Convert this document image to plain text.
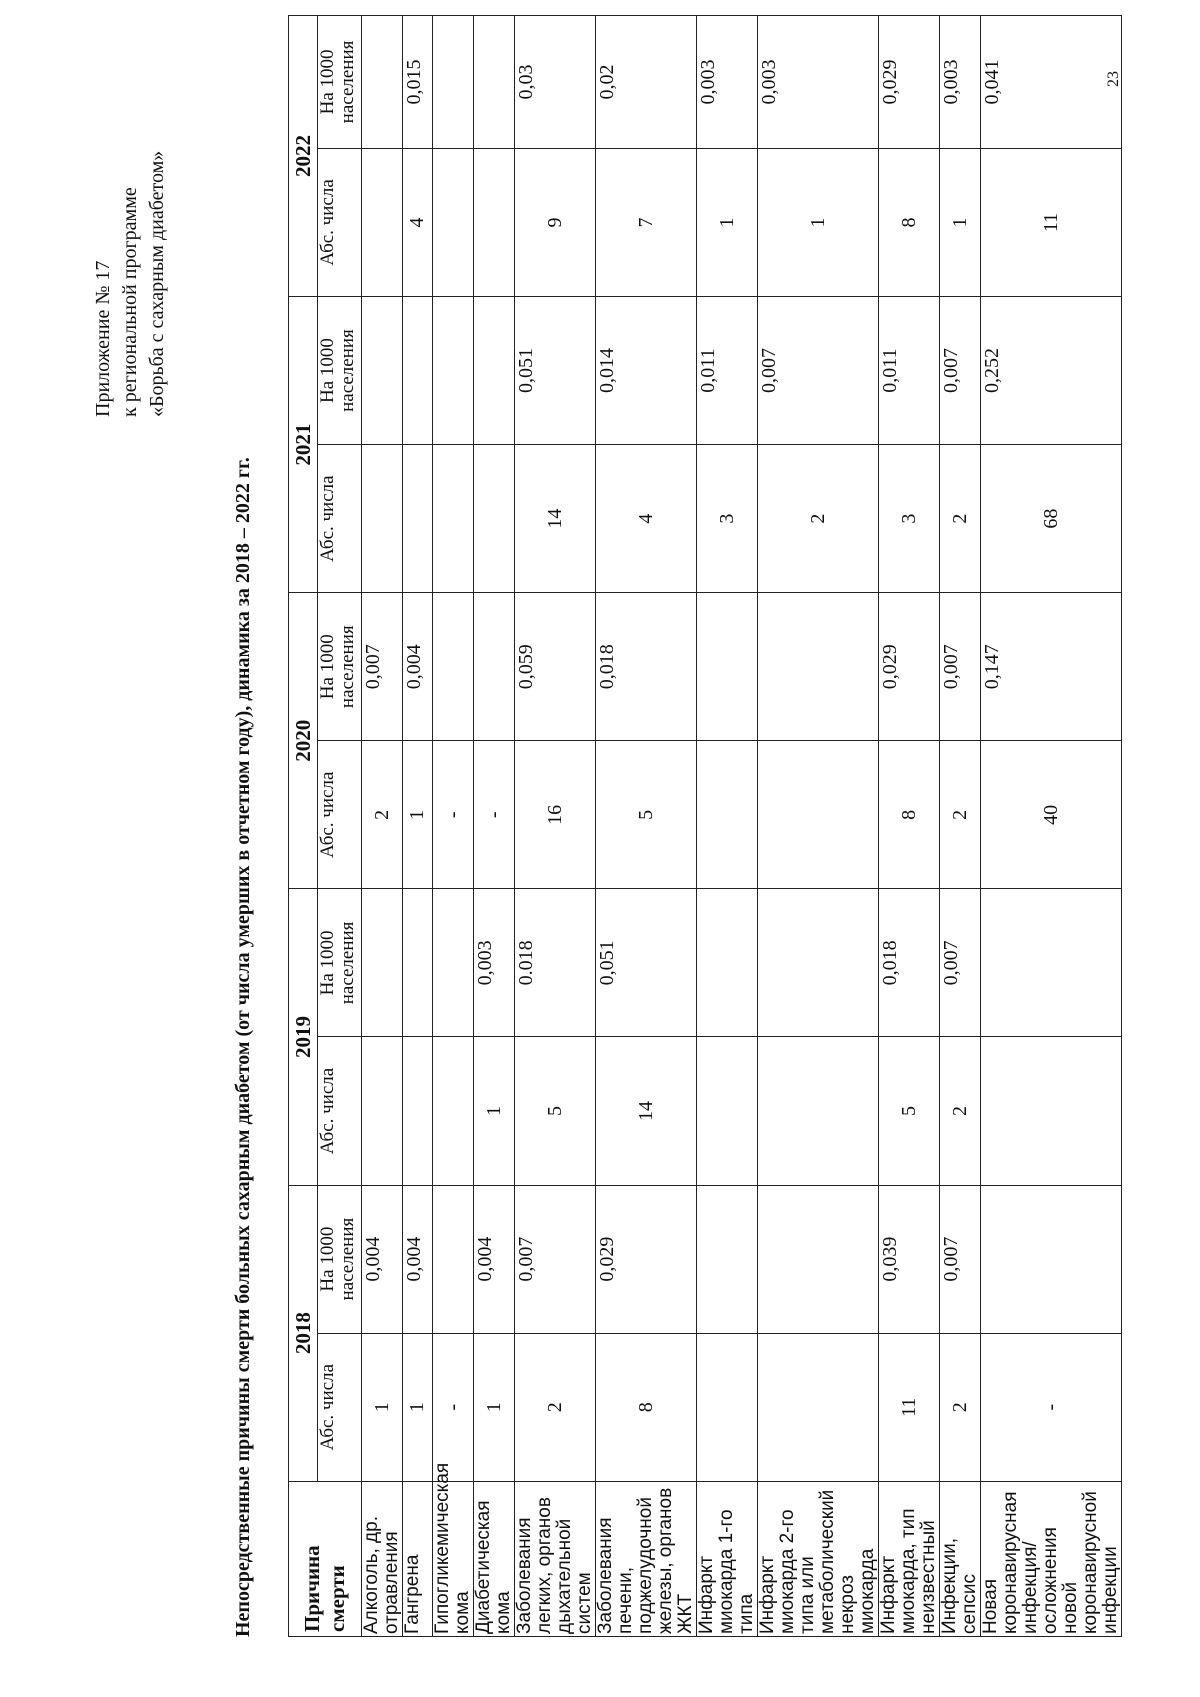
Приложение № 17 к региональной программе «Борьба с сахарным диабетом»
23
Непосредственные причины смерти больных сахарным диабетом (от числа умерших в отчетном году), динамика за 2018 – 2022 гг. Причина смерти	2018		2019		2020		2021		2022	
	Абс. числа	На 1000 населения	Абс. числа	На 1000 населения	Абс. числа	На 1000 населения	Абс. числа	На 1000 населения	Абс. числа	На 1000 населения
Алкоголь, др. отравления	1	0,004			2	0,007				
Гангрена	1	0,004			1	0,004			4	0,015
Гипогликемическая кома	-				-					
Диабетическая кома	1	0,004	1	0,003	-					
Заболевания легких, органов дыхательной систем	2	0,007	5	0.018	16	0,059	14	0,051	9	0,03
Заболевания печени, поджелудочной железы, органов ЖКТ	8	0,029	14	0,051	5	0,018	4	0,014	7	0,02
Инфаркт миокарда 1-го типа							3	0,011	1	0,003
Инфаркт миокарда 2-го типа или метаболический некроз миокарда							2	0,007	1	0,003
Инфаркт миокарда, тип неизвестный	11	0,039	5	0,018	8	0,029	3	0,011	8	0,029
Инфекции, сепсис	2	0,007	2	0,007	2	0,007	2	0,007	1	0,003
Новая коронавирусная инфекция/осложнения новой коронавирусной инфекции	-				40	0,147	68	0,252	11	0,041
